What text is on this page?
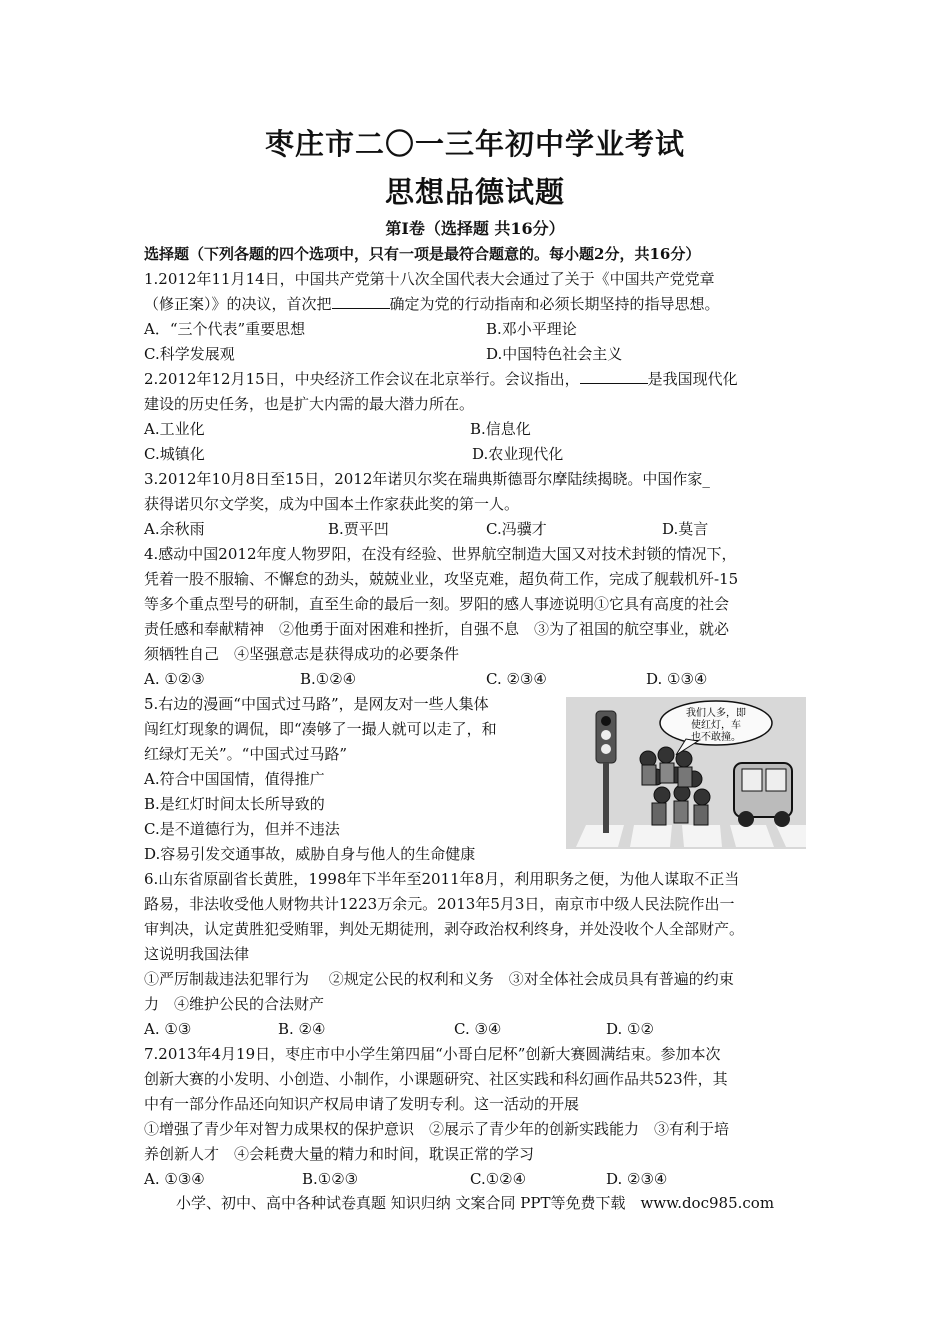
枣庄市二〇一三年初中学业考试
思想品德试题
第Ⅰ卷（选择题 共16分）
选择题（下列各题的四个选项中，只有一项是最符合题意的。每小题2分，共16分）
1.2012年11月14日，中国共产党第十八次全国代表大会通过了关于《中国共产党党章
（修正案）》的决议，首次把	确定为党的行动指南和必须长期坚持的指导思想。
A．“三个代表”重要思想	B.邓小平理论
C.科学发展观	D.中国特色社会主义
2.2012年12月15日，中央经济工作会议在北京举行。会议指出，	是我国现代化
建设的历史任务，也是扩大内需的最大潜力所在。
A.工业化	B.信息化
C.城镇化	D.农业现代化
3.2012年10月8日至15日，2012年诺贝尔奖在瑞典斯德哥尔摩陆续揭晓。中国作家_
获得诺贝尔文学奖，成为中国本土作家获此奖的第一人。
A.余秋雨	B.贾平凹	C.冯骥才	D.莫言
4.感动中国2012年度人物罗阳，在没有经验、世界航空制造大国又对技术封锁的情况下，
凭着一股不服输、不懈怠的劲头，兢兢业业，攻坚克难，超负荷工作，完成了舰载机歼-15
等多个重点型号的研制，直至生命的最后一刻。罗阳的感人事迹说明①它具有高度的社会
责任感和奉献精神　②他勇于面对困难和挫折，自强不息　③为了祖国的航空事业，就必
须牺牲自己　④坚强意志是获得成功的必要条件
A. ①②③	B.①②④	C. ②③④	D. ①③④
5.右边的漫画“中国式过马路”，是网友对一些人集体
闯红灯现象的调侃，即“凑够了一撮人就可以走了，和
红绿灯无关”。“中国式过马路”
A.符合中国国情，值得推广
B.是红灯时间太长所导致的
C.是不道德行为，但并不违法
D.容易引发交通事故，威胁自身与他人的生命健康
我们人多，即
使红灯，车
也不敢撞。
6.山东省原副省长黄胜，1998年下半年至2011年8月，利用职务之便，为他人谋取不正当
路易，非法收受他人财物共计1223万余元。2013年5月3日，南京市中级人民法院作出一
审判决，认定黄胜犯受贿罪，判处无期徒刑，剥夺政治权利终身，并处没收个人全部财产。
这说明我国法律
①严厉制裁违法犯罪行为　 ②规定公民的权利和义务　③对全体社会成员具有普遍的约束
力　④维护公民的合法财产
A. ①③	B. ②④	C. ③④	D. ①②
7.2013年4月19日，枣庄市中小学生第四届“小哥白尼杯”创新大赛圆满结束。参加本次
创新大赛的小发明、小创造、小制作，小课题研究、社区实践和科幻画作品共523件，其
中有一部分作品还向知识产权局申请了发明专利。这一活动的开展
①增强了青少年对智力成果权的保护意识　②展示了青少年的创新实践能力　③有利于培
养创新人才　④会耗费大量的精力和时间，耽误正常的学习
A. ①③④	B.①②③	C.①②④	D. ②③④
小学、初中、高中各种试卷真题 知识归纳 文案合同 PPT等免费下载　www.doc985.com
